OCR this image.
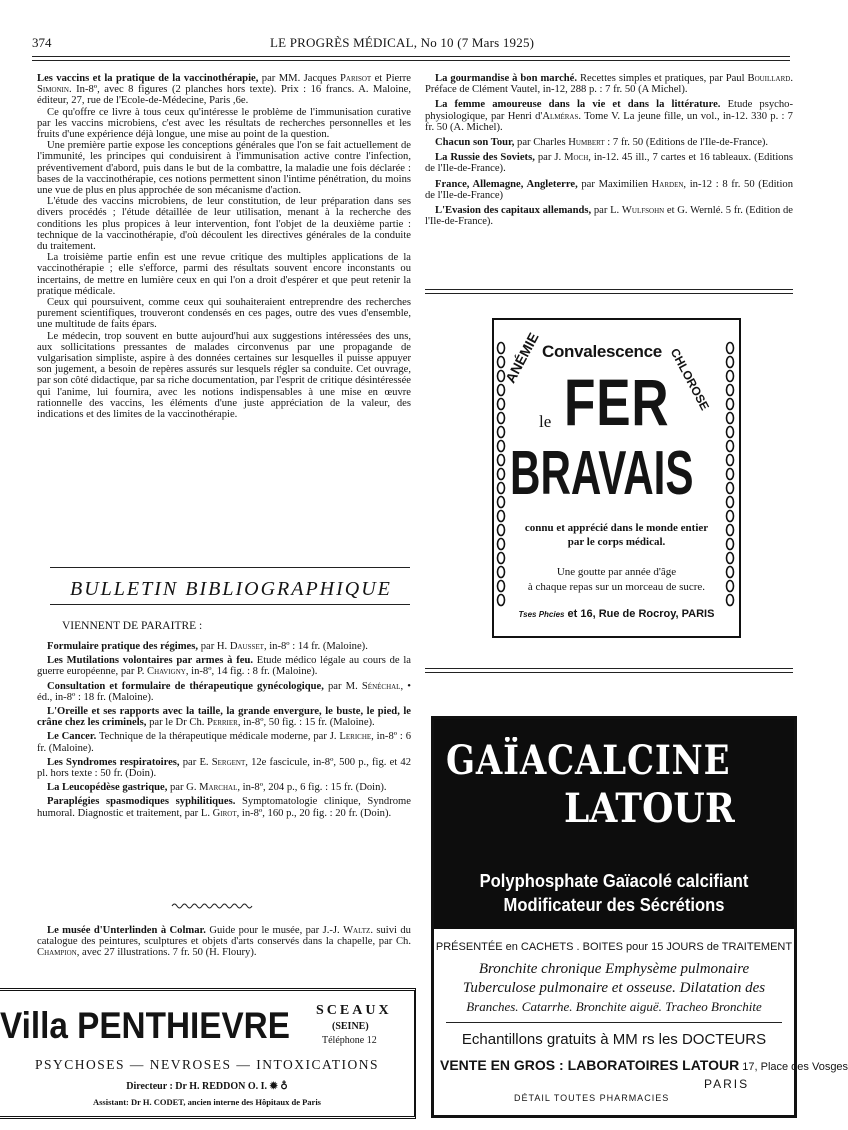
374	LE PROGRÈS MÉDICAL, No 10 (7 Mars 1925)

Les vaccins et la pratique de la vaccinothérapie, par MM. Jacques Parisot et Pierre Simonin. In-8º, avec 8 figures (2 planches hors texte). Prix : 16 francs. A. Maloine, éditeur, 27, rue de l'Ecole-de-Médecine, Paris ,6e.

Ce qu'offre ce livre à tous ceux qu'intéresse le problème de l'immunisation curative par les vaccins microbiens, c'est avec les résultats de recherches personnelles et les fruits d'une expérience déjà longue, une mise au point de la question.

Une première partie expose les conceptions générales que l'on se fait actuellement de l'immunité, les principes qui conduisirent à l'immunisation active contre l'infection, préventivement d'abord, puis dans le but de la combattre, la maladie une fois déclarée : bases de la vaccinothérapie, ces notions permettent sinon l'intime pénétration, du moins une vue de plus en plus approchée de son mécanisme d'action.

L'étude des vaccins microbiens, de leur constitution, de leur préparation dans ses divers procédés ; l'étude détaillée de leur utilisation, menant à la recherche des conditions les plus propices à leur intervention, font l'objet de la deuxième partie : technique de la vaccinothérapie, d'où découlent les directives générales de la conduite du traitement.

La troisième partie enfin est une revue critique des multiples applications de la vaccinothérapie ; elle s'efforce, parmi des résultats souvent encore inconstants ou incertains, de mettre en lumière ceux en qui l'on a droit d'espérer et que peut retenir la pratique médicale.

Ceux qui poursuivent, comme ceux qui souhaiteraient entreprendre des recherches purement scientifiques, trouveront condensés en ces pages, outre des vues d'ensemble, une multitude de faits épars.

Le médecin, trop souvent en butte aujourd'hui aux suggestions intéressées des uns, aux sollicitations pressantes de malades circonvenus par une propagande de vulgarisation simpliste, aspire à des données certaines sur lesquelles il puisse appuyer son jugement, a besoin de repères assurés sur lesquels régler sa conduite. Cet ouvrage, par son côté didactique, par sa riche documentation, par l'esprit de critique désintéressée qui l'anime, lui fournira, avec les notions indispensables à une mise en œuvre rationnelle des vaccins, les éléments d'une juste appréciation de la valeur, des indications et des limites de la vaccinothérapie.

BULLETIN BIBLIOGRAPHIQUE
VIENNENT DE PARAITRE :

Formulaire pratique des régimes, par H. Dausset, in-8º : 14 fr. (Maloine).

Les Mutilations volontaires par armes à feu. Etude médico légale au cours de la guerre européenne, par P. Chavigny, in-8º, 14 fig. : 8 fr. (Maloine).

Consultation et formulaire de thérapeutique gynécologique, par M. Sénéchal, • éd., in-8º : 18 fr. (Maloine).

L'Oreille et ses rapports avec la taille, la grande envergure, le buste, le pied, le crâne chez les criminels, par le Dr Ch. Perrier, in-8º, 50 fig. : 15 fr. (Maloine).

Le Cancer. Technique de la thérapeutique médicale moderne, par J. Leriche, in-8º : 6 fr. (Maloine).

Les Syndromes respiratoires, par E. Sergent, 12e fascicule, in-8º, 500 p., fig. et 42 pl. hors texte : 50 fr. (Doin).

La Leucopédèse gastrique, par G. Marchal, in-8º, 204 p., 6 fig. : 15 fr. (Doin).

Paraplégies spasmodiques syphilitiques. Symptomatologie clinique, Syndrome humoral. Diagnostic et traitement, par L. Girot, in-8º, 160 p., 20 fig. : 20 fr. (Doin).

Le musée d'Unterlinden à Colmar. Guide pour le musée, par J.-J. Waltz. suivi du catalogue des peintures, sculptures et objets d'arts conservés dans la chapelle, par Ch. Champion, avec 27 illustrations. 7 fr. 50 (H. Floury).

La gourmandise à bon marché. Recettes simples et pratiques, par Paul Bouillard. Préface de Clément Vautel, in-12, 288 p. : 7 fr. 50 (A Michel).

La femme amoureuse dans la vie et dans la littérature. Etude psycho-physiologique, par Henri d'Alméras. Tome V. La jeune fille, un vol., in-12. 330 p. : 7 fr. 50 (A. Michel).

Chacun son Tour, par Charles Humbert : 7 fr. 50 (Editions de l'Ile-de-France).

La Russie des Soviets, par J. Moch, in-12. 45 ill., 7 cartes et 16 tableaux. (Editions de l'Ile-de-France).

France, Allemagne, Angleterre, par Maximilien Harden, in-12 : 8 fr. 50 (Edition de l'Ile-de-France)

L'Evasion des capitaux allemands, par L. Wulfsohn et G. Wernlé. 5 fr. (Edition de l'Ile-de-France).

ANÉMIE Convalescence CHLOROSE
le FER
BRAVAIS
connu et apprécié dans le monde entier
par le corps médical.
Une goutte par année d'âge
à chaque repas sur un morceau de sucre.
Tses Phcies et 16, Rue de Rocroy, PARIS
GAÏACALCINE
LATOUR
Polyphosphate Gaïacolé calcifiant
Modificateur des Sécrétions
PRÉSENTÉE en CACHETS . BOITES pour 15 JOURS de TRAITEMENT
Bronchite chronique Emphysème pulmonaire
Tuberculose pulmonaire et osseuse. Dilatation des
Branches. Catarrhe. Bronchite aiguë. Tracheo Bronchite
Echantillons gratuits à MM rs les DOCTEURS
VENTE EN GROS : LABORATOIRES LATOUR 17, Place des Vosges
PARIS
DÉTAIL TOUTES PHARMACIES
Villa PENTHIEVRE SCEAUX
(SEINE)
Téléphone 12
PSYCHOSES — NEVROSES — INTOXICATIONS
Directeur : Dr H. REDDON O. I. ✹ ♁
Assistant: Dr H. CODET, ancien interne des Hôpitaux de Paris
